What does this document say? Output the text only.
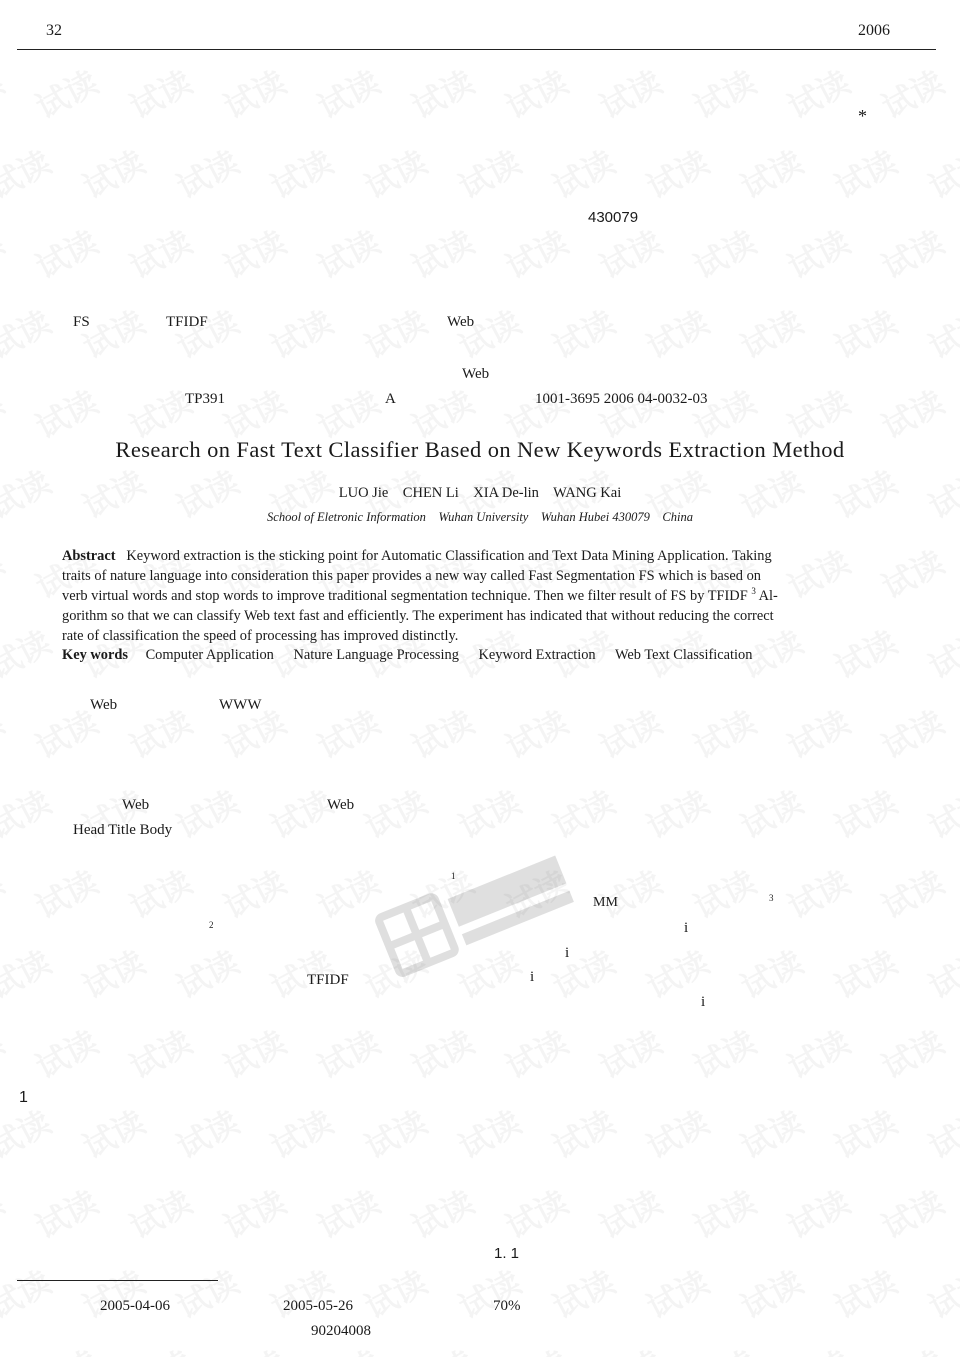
32	2006
*
430079
FS	TFIDF	Web
Web
TP391	A	1001-3695 2006 04-0032-03
Research on Fast Text Classifier Based on New Keywords Extraction Method
LUO Jie CHEN Li XIA De-lin WANG Kai
School of Eletronic Information Wuhan University Wuhan Hubei 430079 China
Abstract Keyword extraction is the sticking point for Automatic Classification and Text Data Mining Application. Taking
traits of nature language into consideration this paper provides a new way called Fast Segmentation FS which is based on
verb virtual words and stop words to improve traditional segmentation technique. Then we filter result of FS by TFIDF $^3$ Al-
gorithm so that we can classify Web text fast and efficiently. The experiment has indicated that without reducing the correct
rate of classification the speed of processing has improved distinctly.
Key words Computer Application Nature Language Processing Keyword Extraction Web Text Classification
Web	WWW
Web	Web
Head Title Body
1
MM	3
2	i
i
TFIDF	i
i
1
1. 1
2005-04-06	2005-05-26	70%
90204008
